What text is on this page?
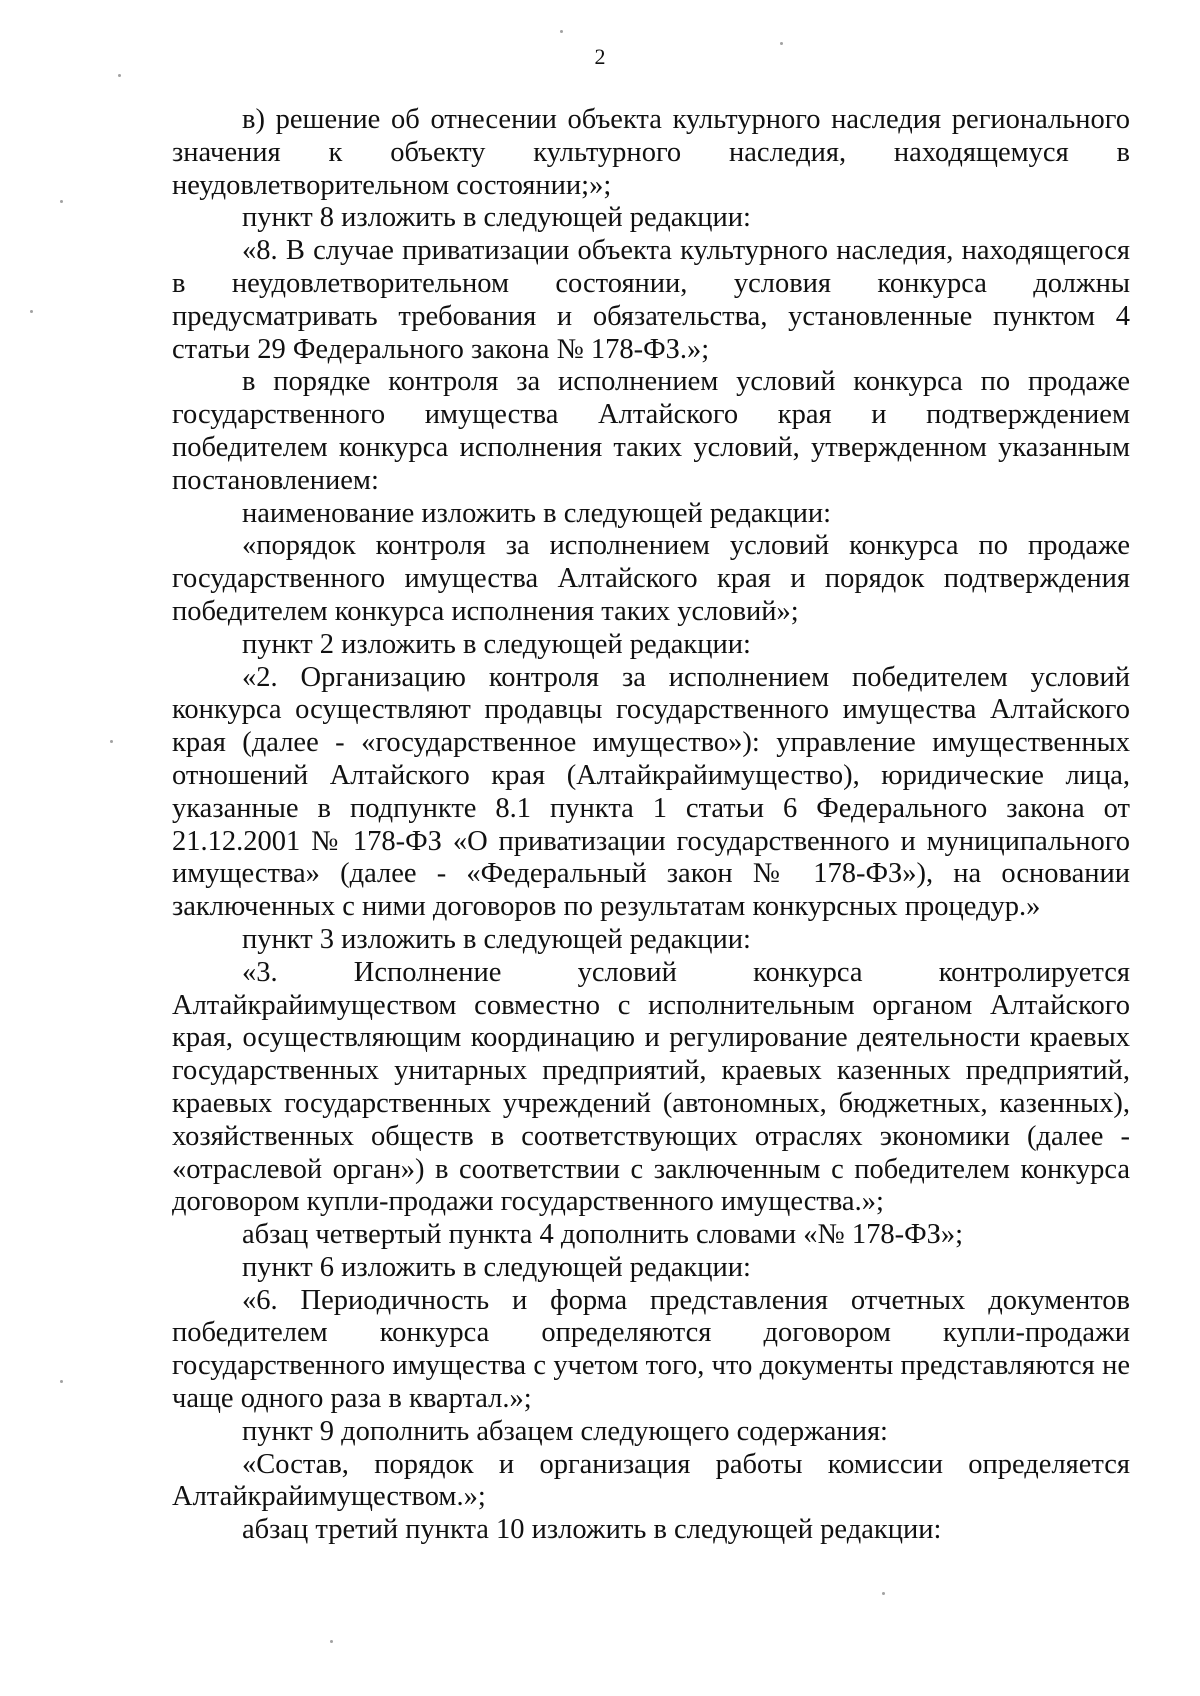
2

в) решение об отнесении объекта культурного наследия регионального значения к объекту культурного наследия, находящемуся в неудовлетворительном состоянии;»;

пункт 8 изложить в следующей редакции:

«8. В случае приватизации объекта культурного наследия, находящегося в неудовлетворительном состоянии, условия конкурса должны предусматривать требования и обязательства, установленные пунктом 4 статьи 29 Федерального закона № 178-ФЗ.»;

в порядке контроля за исполнением условий конкурса по продаже государственного имущества Алтайского края и подтверждением победителем конкурса исполнения таких условий, утвержденном указанным постановлением:

наименование изложить в следующей редакции:

«порядок контроля за исполнением условий конкурса по продаже государственного имущества Алтайского края и порядок подтверждения победителем конкурса исполнения таких условий»;

пункт 2 изложить в следующей редакции:

«2. Организацию контроля за исполнением победителем условий конкурса осуществляют продавцы государственного имущества Алтайского края (далее - «государственное имущество»): управление имущественных отношений Алтайского края (Алтайкрайимущество), юридические лица, указанные в подпункте 8.1 пункта 1 статьи 6 Федерального закона от 21.12.2001 № 178-ФЗ «О приватизации государственного и муниципального имущества» (далее - «Федеральный закон № 178-ФЗ»), на основании заключенных с ними договоров по результатам конкурсных процедур.»

пункт 3 изложить в следующей редакции:

«3. Исполнение условий конкурса контролируется Алтайкрайимуществом совместно с исполнительным органом Алтайского края, осуществляющим координацию и регулирование деятельности краевых государственных унитарных предприятий, краевых казенных предприятий, краевых государственных учреждений (автономных, бюджетных, казенных), хозяйственных обществ в соответствующих отраслях экономики (далее - «отраслевой орган») в соответствии с заключенным с победителем конкурса договором купли-продажи государственного имущества.»;

абзац четвертый пункта 4 дополнить словами «№ 178-ФЗ»;

пункт 6 изложить в следующей редакции:

«6. Периодичность и форма представления отчетных документов победителем конкурса определяются договором купли-продажи государственного имущества с учетом того, что документы представляются не чаще одного раза в квартал.»;

пункт 9 дополнить абзацем следующего содержания:

«Состав, порядок и организация работы комиссии определяется Алтайкрайимуществом.»;

абзац третий пункта 10 изложить в следующей редакции:
